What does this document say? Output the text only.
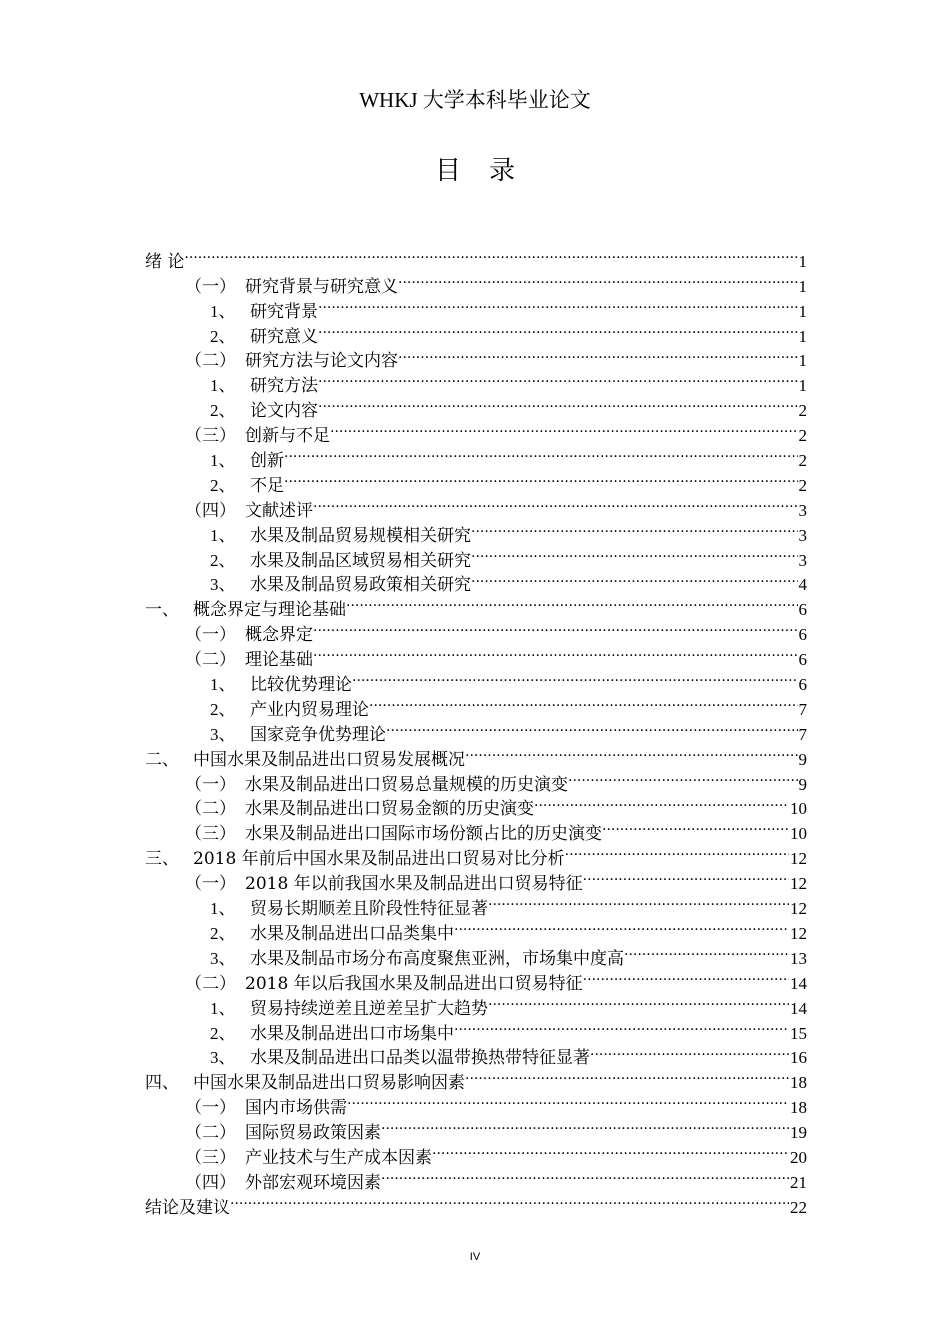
WHKJ 大学本科毕业论文
目录
绪 论 .....	1
（一） 研究背景与研究意义 .....	1
1、 研究背景 .....	1
2、 研究意义 .....	1
（二） 研究方法与论文内容 .....	1
1、 研究方法 .....	1
2、 论文内容 .....	2
（三） 创新与不足 .....	2
1、 创新 .....	2
2、 不足 .....	2
（四） 文献述评 .....	3
1、 水果及制品贸易规模相关研究 .....	3
2、 水果及制品区域贸易相关研究 .....	3
3、 水果及制品贸易政策相关研究 .....	4
一、 概念界定与理论基础 .....	6
（一） 概念界定 .....	6
（二） 理论基础 .....	6
1、 比较优势理论 .....	6
2、 产业内贸易理论 .....	7
3、 国家竞争优势理论 .....	7
二、 中国水果及制品进出口贸易发展概况 .....	9
（一） 水果及制品进出口贸易总量规模的历史演变 .....	9
（二） 水果及制品进出口贸易金额的历史演变 .....	10
（三） 水果及制品进出口国际市场份额占比的历史演变 .....	10
三、 2018 年前后中国水果及制品进出口贸易对比分析 .....	12
（一） 2018 年以前我国水果及制品进出口贸易特征 .....	12
1、 贸易长期顺差且阶段性特征显著 .....	12
2、 水果及制品进出口品类集中 .....	12
3、 水果及制品市场分布高度聚焦亚洲，市场集中度高 .....	13
（二） 2018 年以后我国水果及制品进出口贸易特征 .....	14
1、 贸易持续逆差且逆差呈扩大趋势 .....	14
2、 水果及制品进出口市场集中 .....	15
3、 水果及制品进出口品类以温带换热带特征显著 .....	16
四、 中国水果及制品进出口贸易影响因素 .....	18
（一） 国内市场供需 .....	18
（二） 国际贸易政策因素 .....	19
（三） 产业技术与生产成本因素 .....	20
（四） 外部宏观环境因素 .....	21
结论及建议 .....	22
IV
